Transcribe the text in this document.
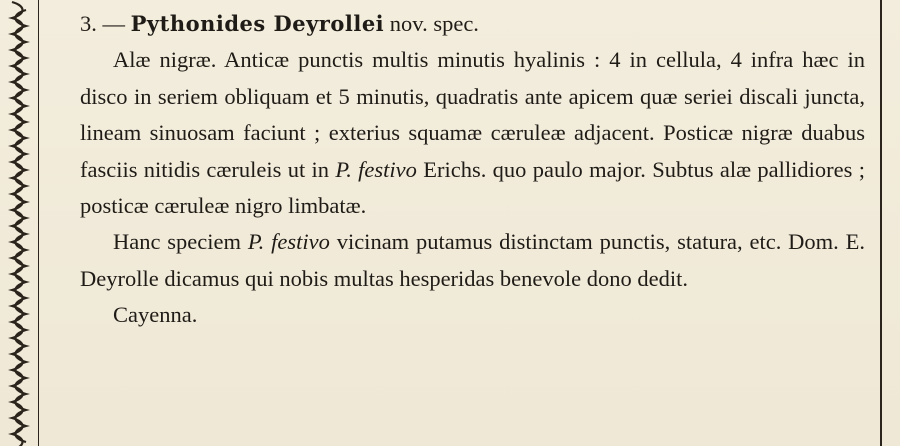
3. — Pythonides Deyrollei nov. spec.

Alæ nigræ. Anticæ punctis multis minutis hyalinis : 4 in cellula, 4 infra hæc in disco in seriem obliquam et 5 minutis, quadratis ante apicem quæ seriei discali juncta, lineam sinuosam faciunt ; exterius squamæ cæruleæ adjacent. Posticæ nigræ duabus fasciis nitidis cæruleis ut in P. festivo Erichs. quo paulo major. Subtus alæ pallidiores ; posticæ cæruleæ nigro limbatæ.

Hanc speciem P. festivo vicinam putamus distinctam punctis, statura, etc. Dom. E. Deyrolle dicamus qui nobis multas hesperidas benevole dono dedit.

Cayenna.
